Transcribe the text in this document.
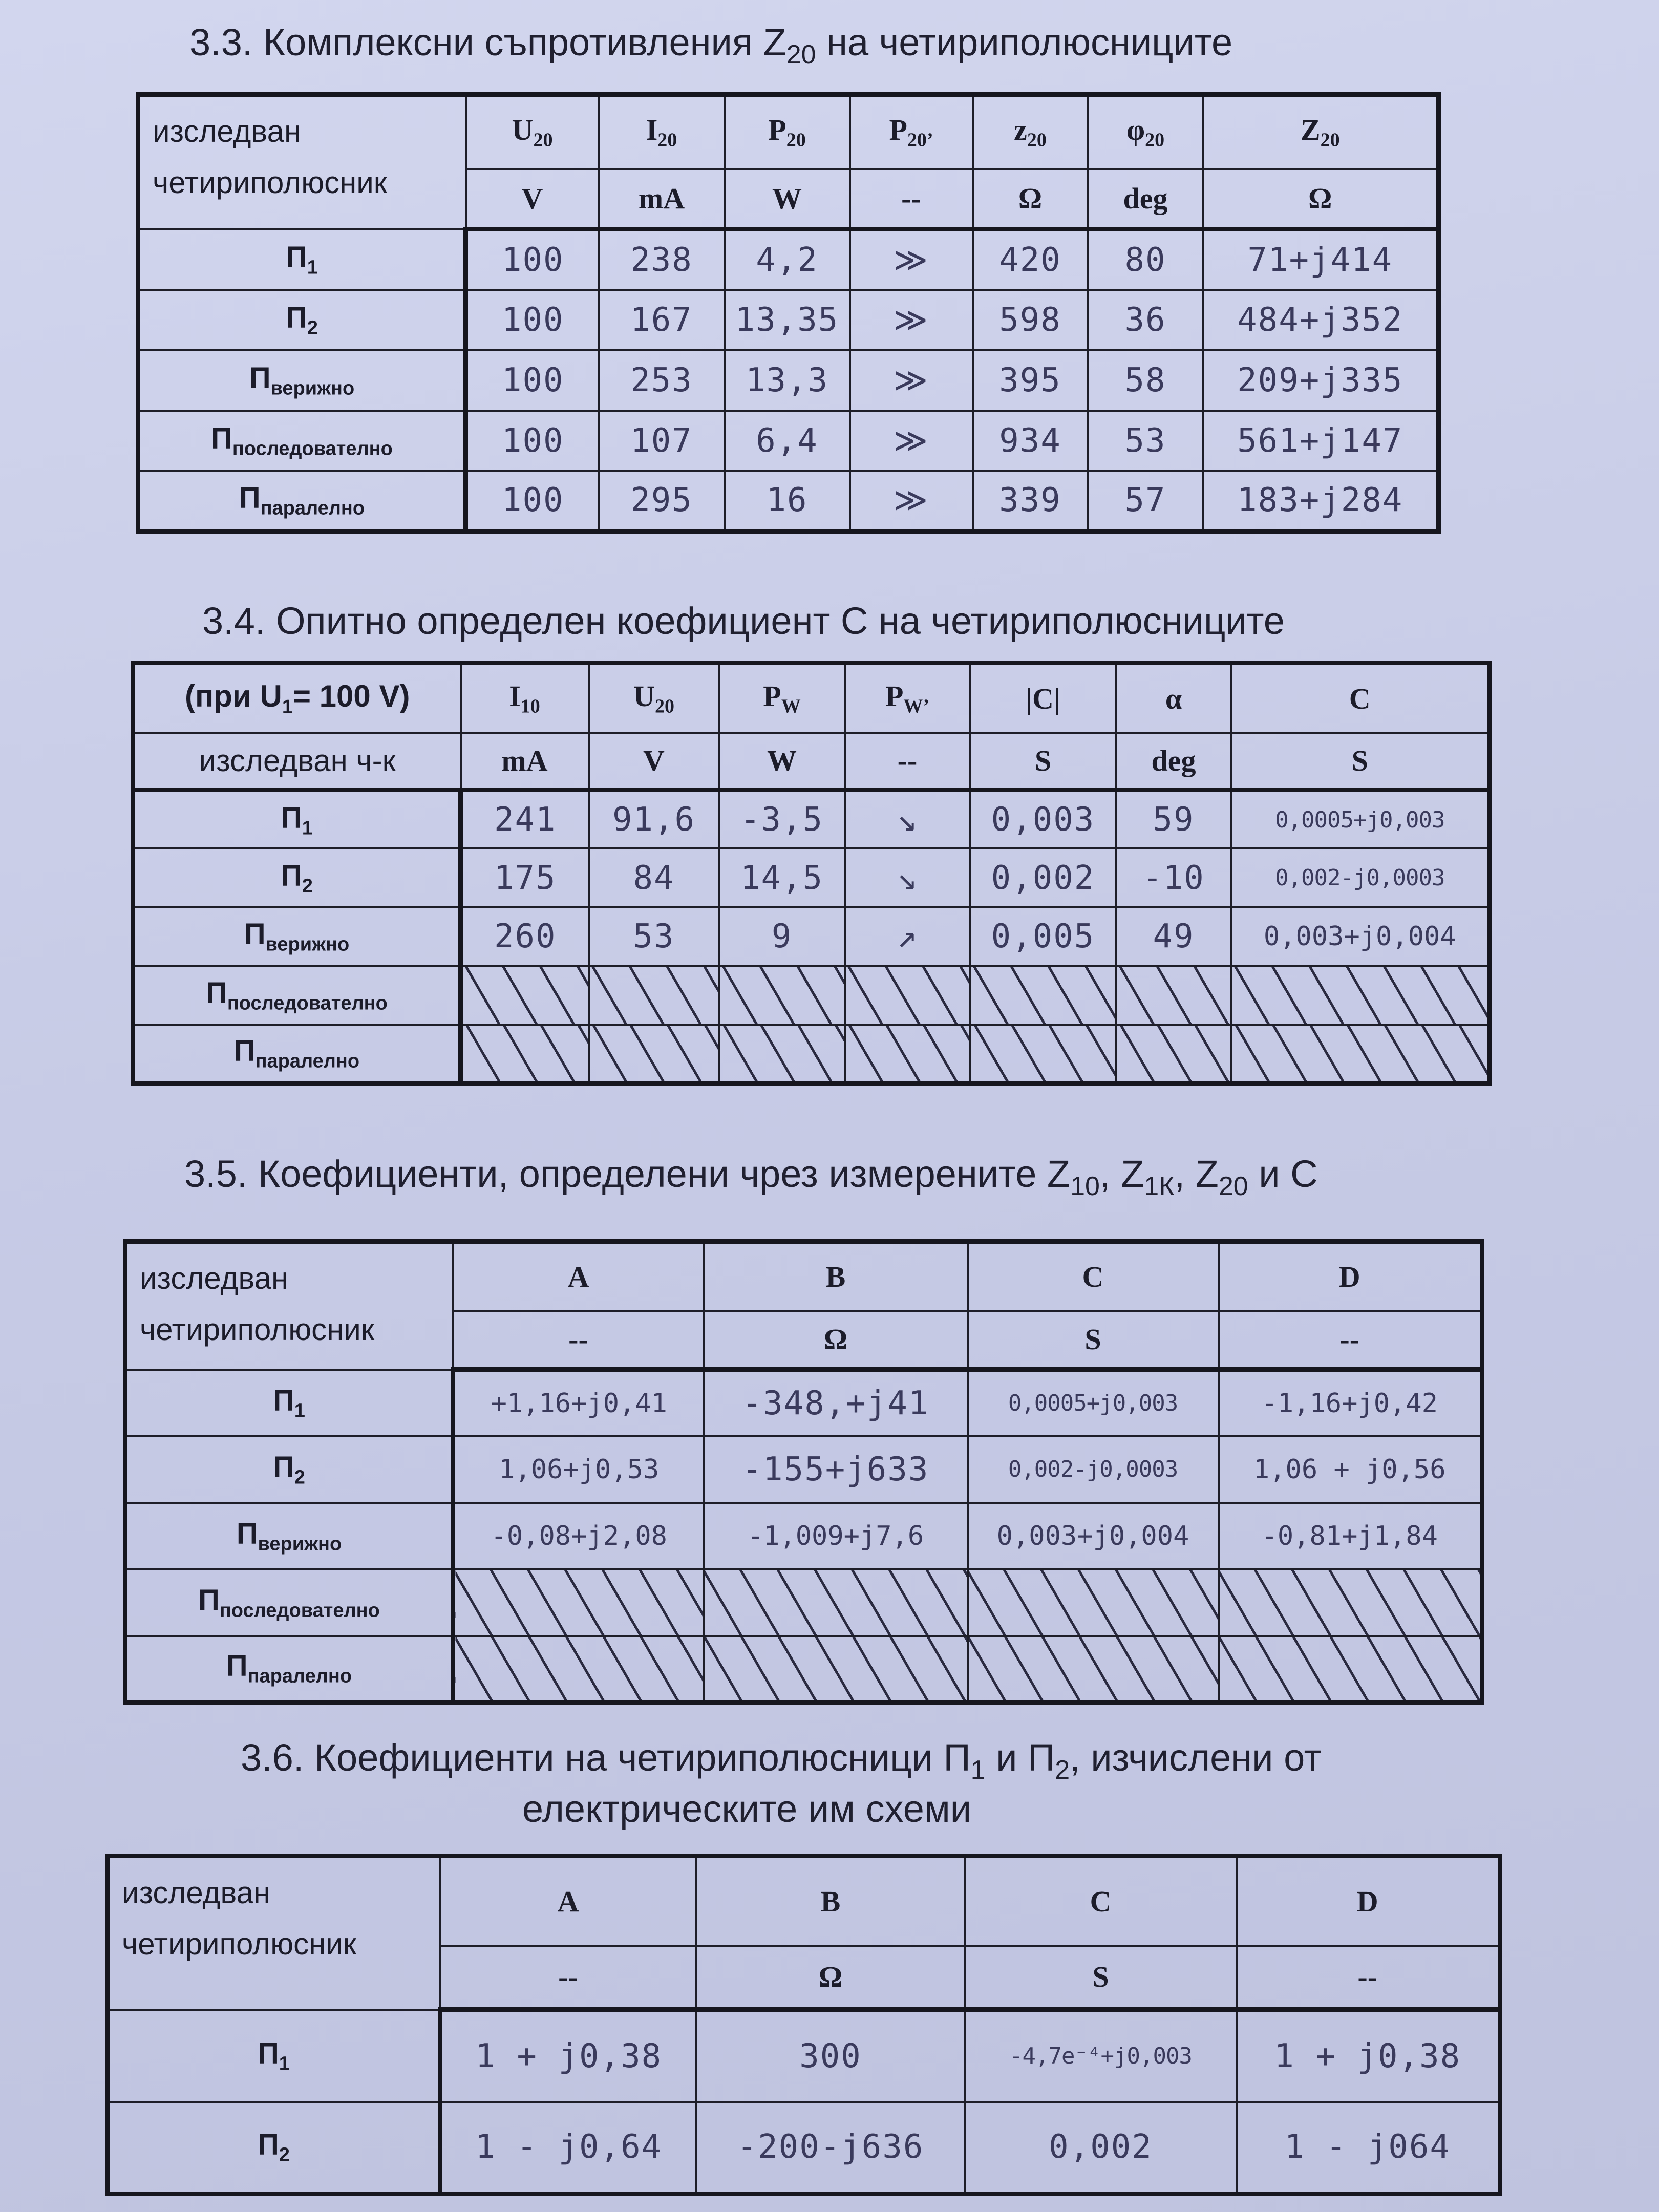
3.3. Комплексни съпротивления $Z_{20}$ на четириполюсниците
изследван
четириполюсник	$U_{20}$	$I_{20}$	$P_{20}$	$P_{20’}$	$z_{20}$	$\varphi_{20}$	$Z_{20}$
	V	mA	W	--	Ω	deg	Ω
$П_1$	100	238	4,2	≫	420	80	71+j414
$П_2$	100	167	13,35	≫	598	36	484+j352
$П_{верижно}$	100	253	13,3	≫	395	58	209+j335
$П_{последователно}$	100	107	6,4	≫	934	53	561+j147
$П_{паралелно}$	100	295	16	≫	339	57	183+j284
3.4. Опитно определен коефициент С на четириполюсниците
(при $U_1= 100$ V)	$I_{10}$	$U_{20}$	$P_W$	$P_{W’}$	|C|	α	C
изследван ч-к	mA	V	W	--	S	deg	S
$П_1$	241	91,6	-3,5	↘	0,003	59	0,0005+j0,003
$П_2$	175	84	14,5	↘	0,002	-10	0,002-j0,0003
$П_{верижно}$	260	53	9	↗	0,005	49	0,003+j0,004
$П_{последователно}$							
$П_{паралелно}$							
3.5. Коефициенти, определени чрез измерените $Z_{10}$, $Z_{1К}$, $Z_{20}$ и С
изследван
четириполюсник	A	B	C	D
	--	Ω	S	--
$П_1$	+1,16+j0,41	-348,+j41	0,0005+j0,003	-1,16+j0,42
$П_2$	1,06+j0,53	-155+j633	0,002-j0,0003	1,06 + j0,56
$П_{верижно}$	-0,08+j2,08	-1,009+j7,6	0,003+j0,004	-0,81+j1,84
$П_{последователно}$				
$П_{паралелно}$				
3.6. Коефициенти на четириполюсници $П_1$ и $П_2$, изчислени от
електрическите им схеми
изследван
четириполюсник	A	B	C	D
	--	Ω	S	--
$П_1$	1 + j0,38	300	-4,7e⁻⁴+j0,003	1 + j0,38
$П_2$	1 - j0,64	-200-j636	0,002	1 - j064
